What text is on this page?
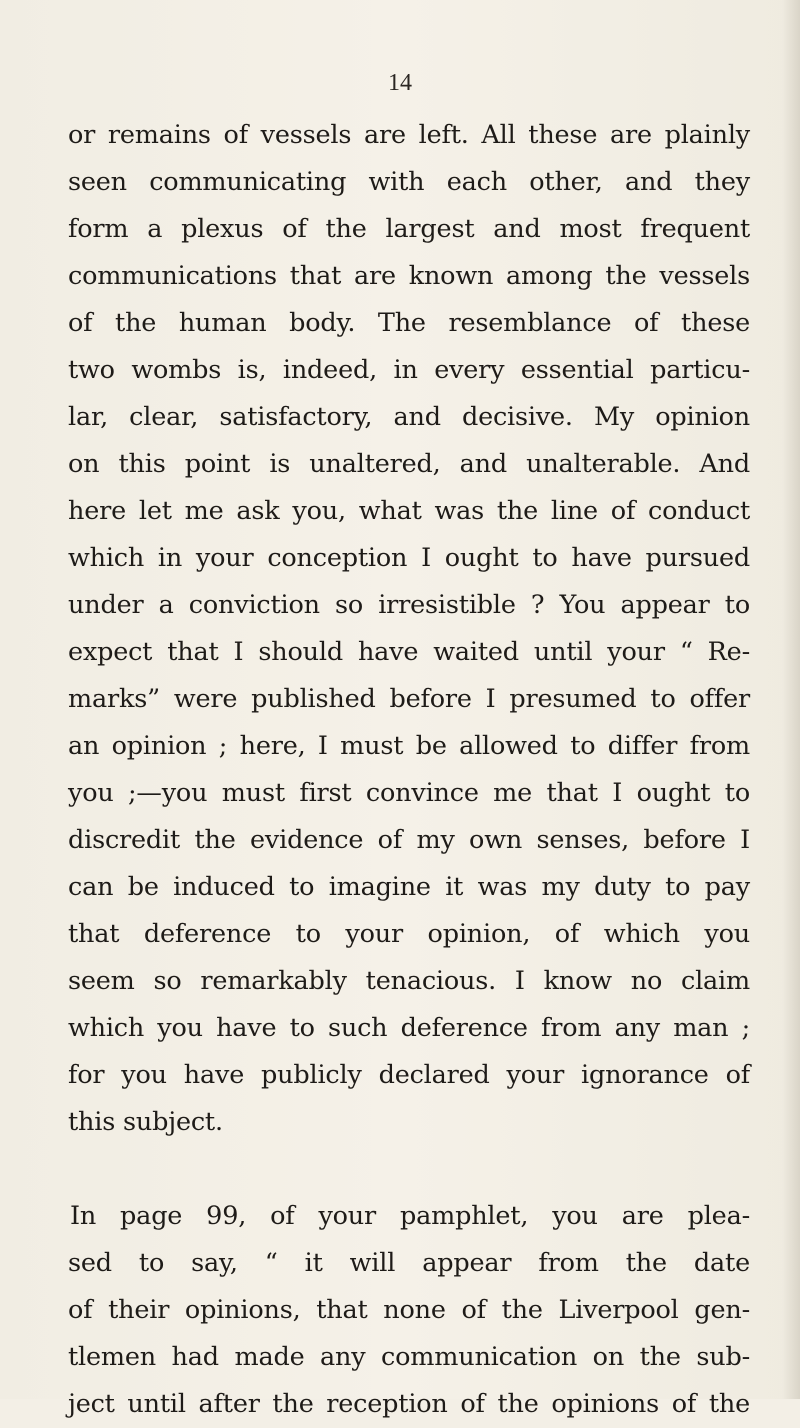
14
or remains of vessels are left. All these are plainly
seen communicating with each other, and they
form a plexus of the largest and most frequent
communications that are known among the vessels
of the human body. The resemblance of these
two wombs is, indeed, in every essential particu-
lar, clear, satisfactory, and decisive. My opinion
on this point is unaltered, and unalterable. And
here let me ask you, what was the line of conduct
which in your conception I ought to have pursued
under a conviction so irresistible ? You appear to
expect that I should have waited until your “ Re-
marks” were published before I presumed to offer
an opinion ; here, I must be allowed to differ from
you ;—you must first convince me that I ought to
discredit the evidence of my own senses, before I
can be induced to imagine it was my duty to pay
that deference to your opinion, of which you
seem so remarkably tenacious. I know no claim
which you have to such deference from any man ;
for you have publicly declared your ignorance of
this subject.
In page 99, of your pamphlet, you are plea-
sed to say, “ it will appear from the date
of their opinions, that none of the Liverpool gen-
tlemen had made any communication on the sub-
ject until after the reception of the opinions of the
